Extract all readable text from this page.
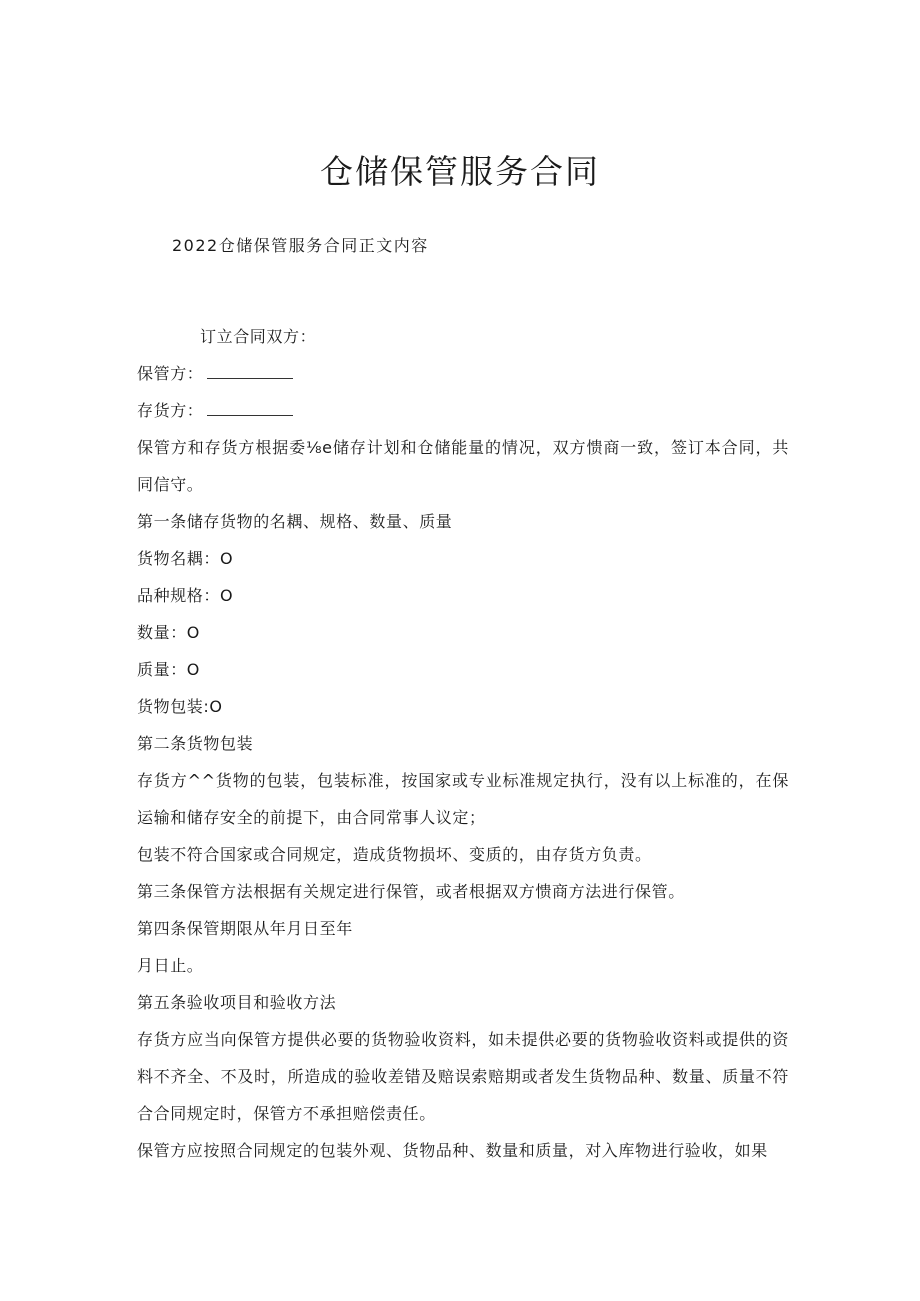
仓储保管服务合同

2022仓储保管服务合同正文内容

订立合同双方：

保管方：

存货方：

保管方和存货方根据委⅛e储存计划和仓储能量的情况，双方愦商一致，签订本合同，共同信守。

第一条储存货物的名耦、规格、数量、质量

货物名耦：O

品种规格：O

数量：O

质量：O

货物包装:O

第二条货物包装

存货方^^货物的包装，包装标准，按国家或专业标准规定执行，没有以上标准的，在保运输和储存安全的前提下，由合同常事人议定；

包装不符合国家或合同规定，造成货物损坏、变质的，由存货方负责。

第三条保管方法根据有关规定进行保管，或者根据双方愦商方法进行保管。

第四条保管期限从年月日至年

月日止。

第五条验收项目和验收方法

存货方应当向保管方提供必要的货物验收资料，如未提供必要的货物验收资料或提供的资料不齐全、不及时，所造成的验收差错及赔误索赔期或者发生货物品种、数量、质量不符合合同规定时，保管方不承担赔偿责任。

保管方应按照合同规定的包装外观、货物品种、数量和质量，对入库物进行验收，如果
